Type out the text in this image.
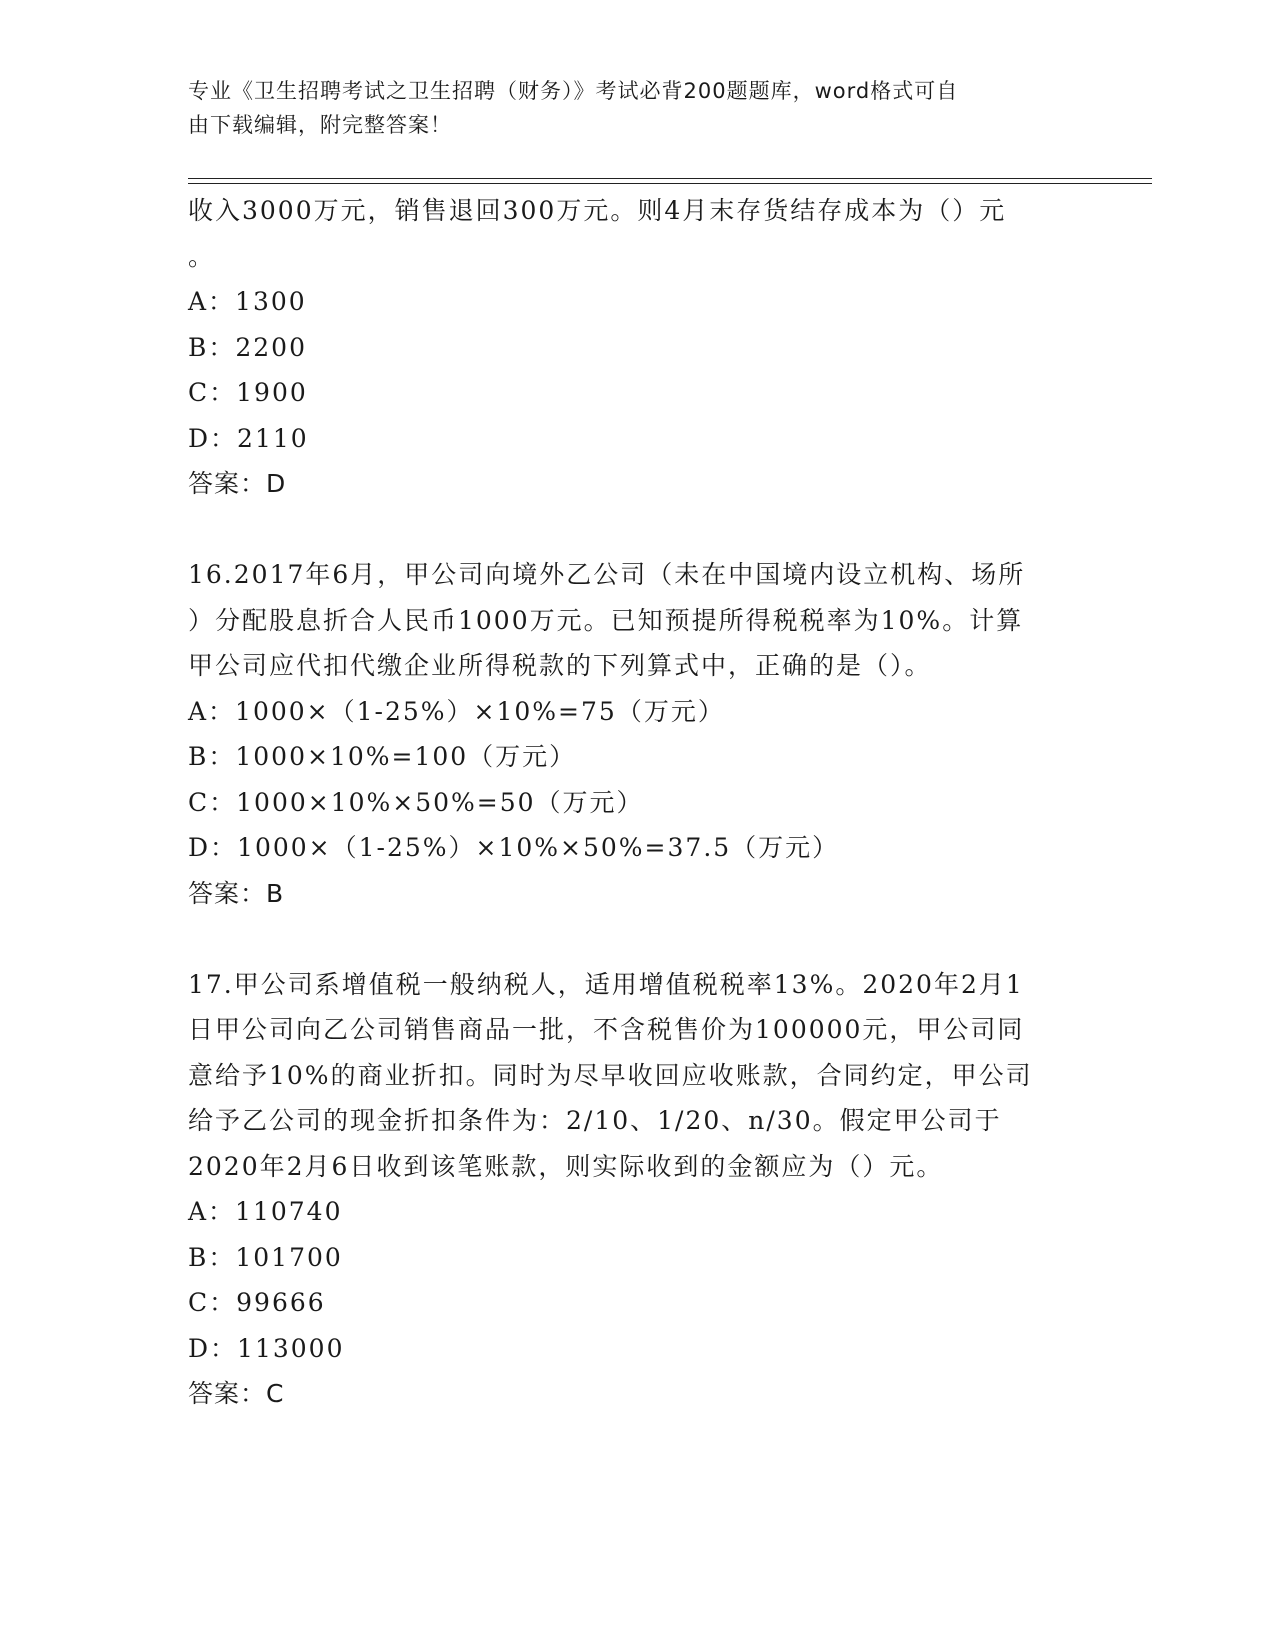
专业《卫生招聘考试之卫生招聘（财务）》考试必背200题题库，word格式可自
由下载编辑，附完整答案！
收入3000万元，销售退回300万元。则4月末存货结存成本为（）元
。
A：1300
B：2200
C：1900
D：2110
答案：D
16.2017年6月，甲公司向境外乙公司（未在中国境内设立机构、场所
）分配股息折合人民币1000万元。已知预提所得税税率为10%。计算
甲公司应代扣代缴企业所得税款的下列算式中，正确的是（）。
A：1000×（1-25%）×10%=75（万元）
B：1000×10%=100（万元）
C：1000×10%×50%=50（万元）
D：1000×（1-25%）×10%×50%=37.5（万元）
答案：B
17.甲公司系增值税一般纳税人，适用增值税税率13%。2020年2月1
日甲公司向乙公司销售商品一批，不含税售价为100000元，甲公司同
意给予10%的商业折扣。同时为尽早收回应收账款，合同约定，甲公司
给予乙公司的现金折扣条件为：2/10、1/20、n/30。假定甲公司于
2020年2月6日收到该笔账款，则实际收到的金额应为（）元。
A：110740
B：101700
C：99666
D：113000
答案：C
